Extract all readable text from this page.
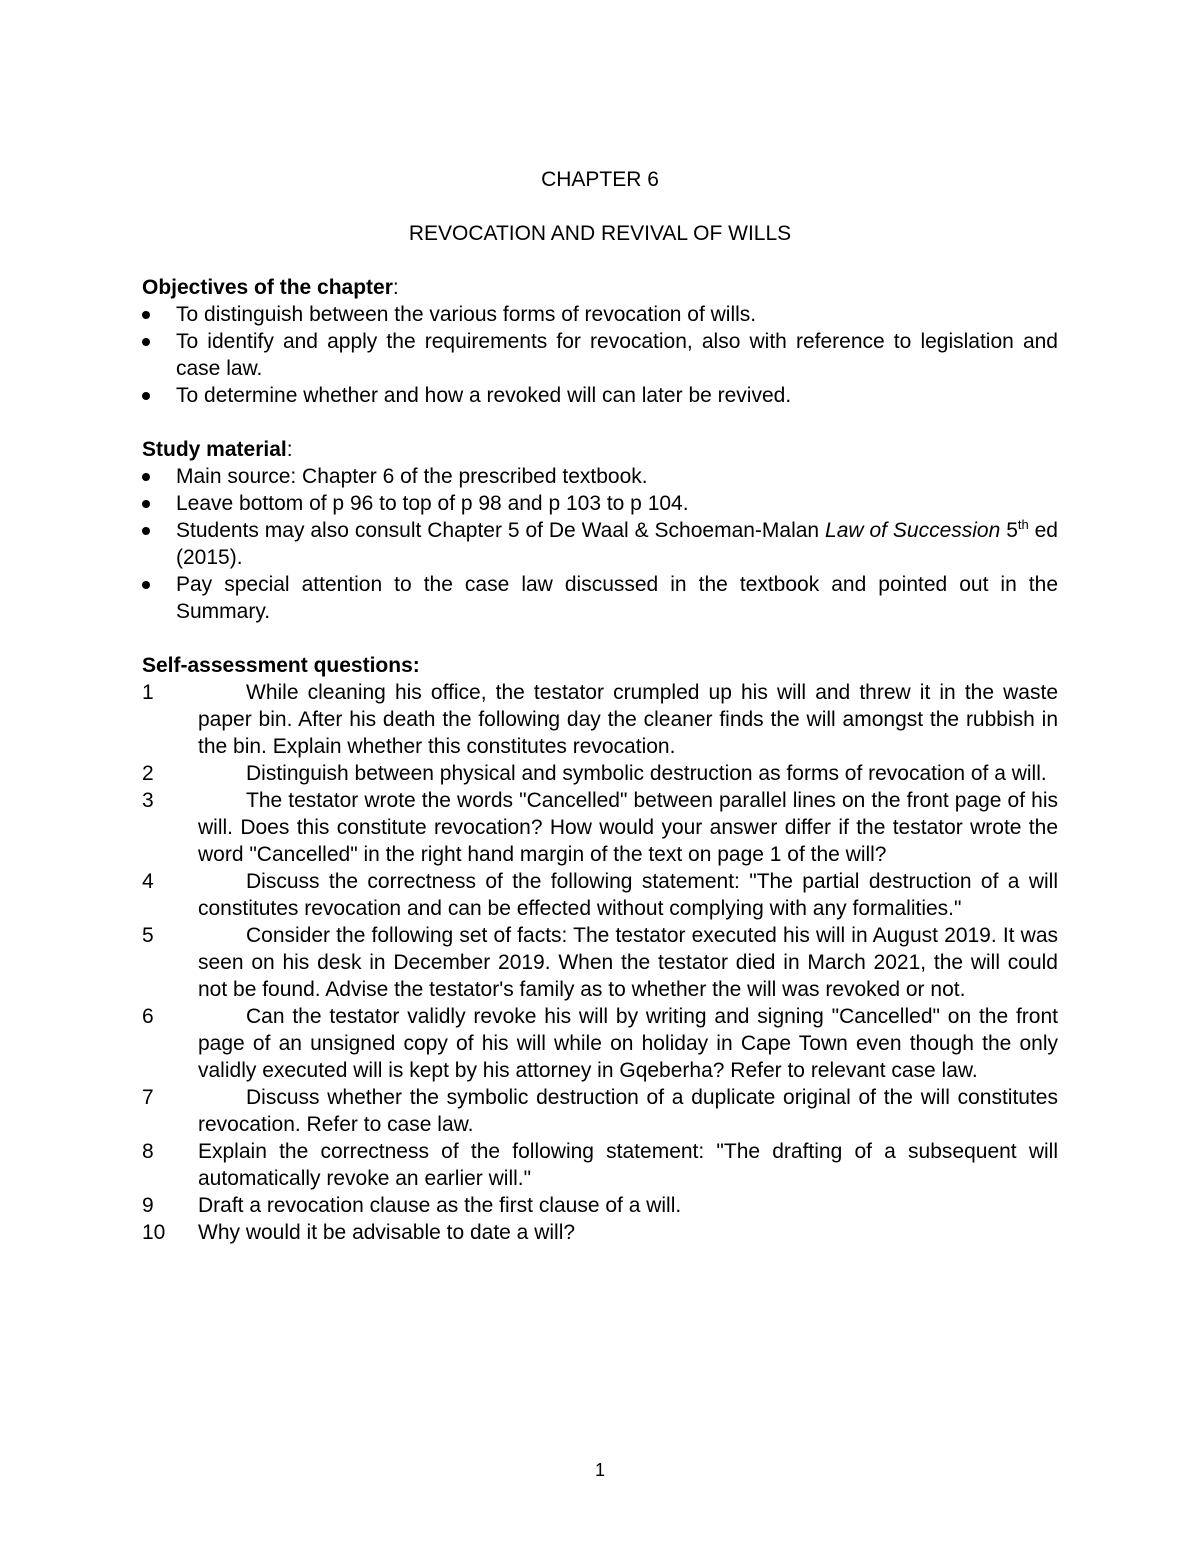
CHAPTER 6

REVOCATION AND REVIVAL OF WILLS

Objectives of the chapter:

To distinguish between the various forms of revocation of wills.
To identify and apply the requirements for revocation, also with reference to legislation and case law.
To determine whether and how a revoked will can later be revived.

Study material:

Main source: Chapter 6 of the prescribed textbook.
Leave bottom of p 96 to top of p 98 and p 103 to p 104.
Students may also consult Chapter 5 of De Waal & Schoeman-Malan Law of Succession 5th ed (2015).
Pay special attention to the case law discussed in the textbook and pointed out in the Summary.

Self-assessment questions:

1	While cleaning his office, the testator crumpled up his will and threw it in the waste paper bin. After his death the following day the cleaner finds the will amongst the rubbish in the bin. Explain whether this constitutes revocation.
2	Distinguish between physical and symbolic destruction as forms of revocation of a will.
3	The testator wrote the words "Cancelled" between parallel lines on the front page of his will. Does this constitute revocation? How would your answer differ if the testator wrote the word "Cancelled" in the right hand margin of the text on page 1 of the will?
4	Discuss the correctness of the following statement: "The partial destruction of a will constitutes revocation and can be effected without complying with any formalities."
5	Consider the following set of facts: The testator executed his will in August 2019. It was seen on his desk in December 2019. When the testator died in March 2021, the will could not be found. Advise the testator's family as to whether the will was revoked or not.
6	Can the testator validly revoke his will by writing and signing "Cancelled" on the front page of an unsigned copy of his will while on holiday in Cape Town even though the only validly executed will is kept by his attorney in Gqeberha? Refer to relevant case law.
7	Discuss whether the symbolic destruction of a duplicate original of the will constitutes revocation. Refer to case law.
8 Explain the correctness of the following statement: "The drafting of a subsequent will automatically revoke an earlier will."
9 Draft a revocation clause as the first clause of a will.
10 Why would it be advisable to date a will?
1
